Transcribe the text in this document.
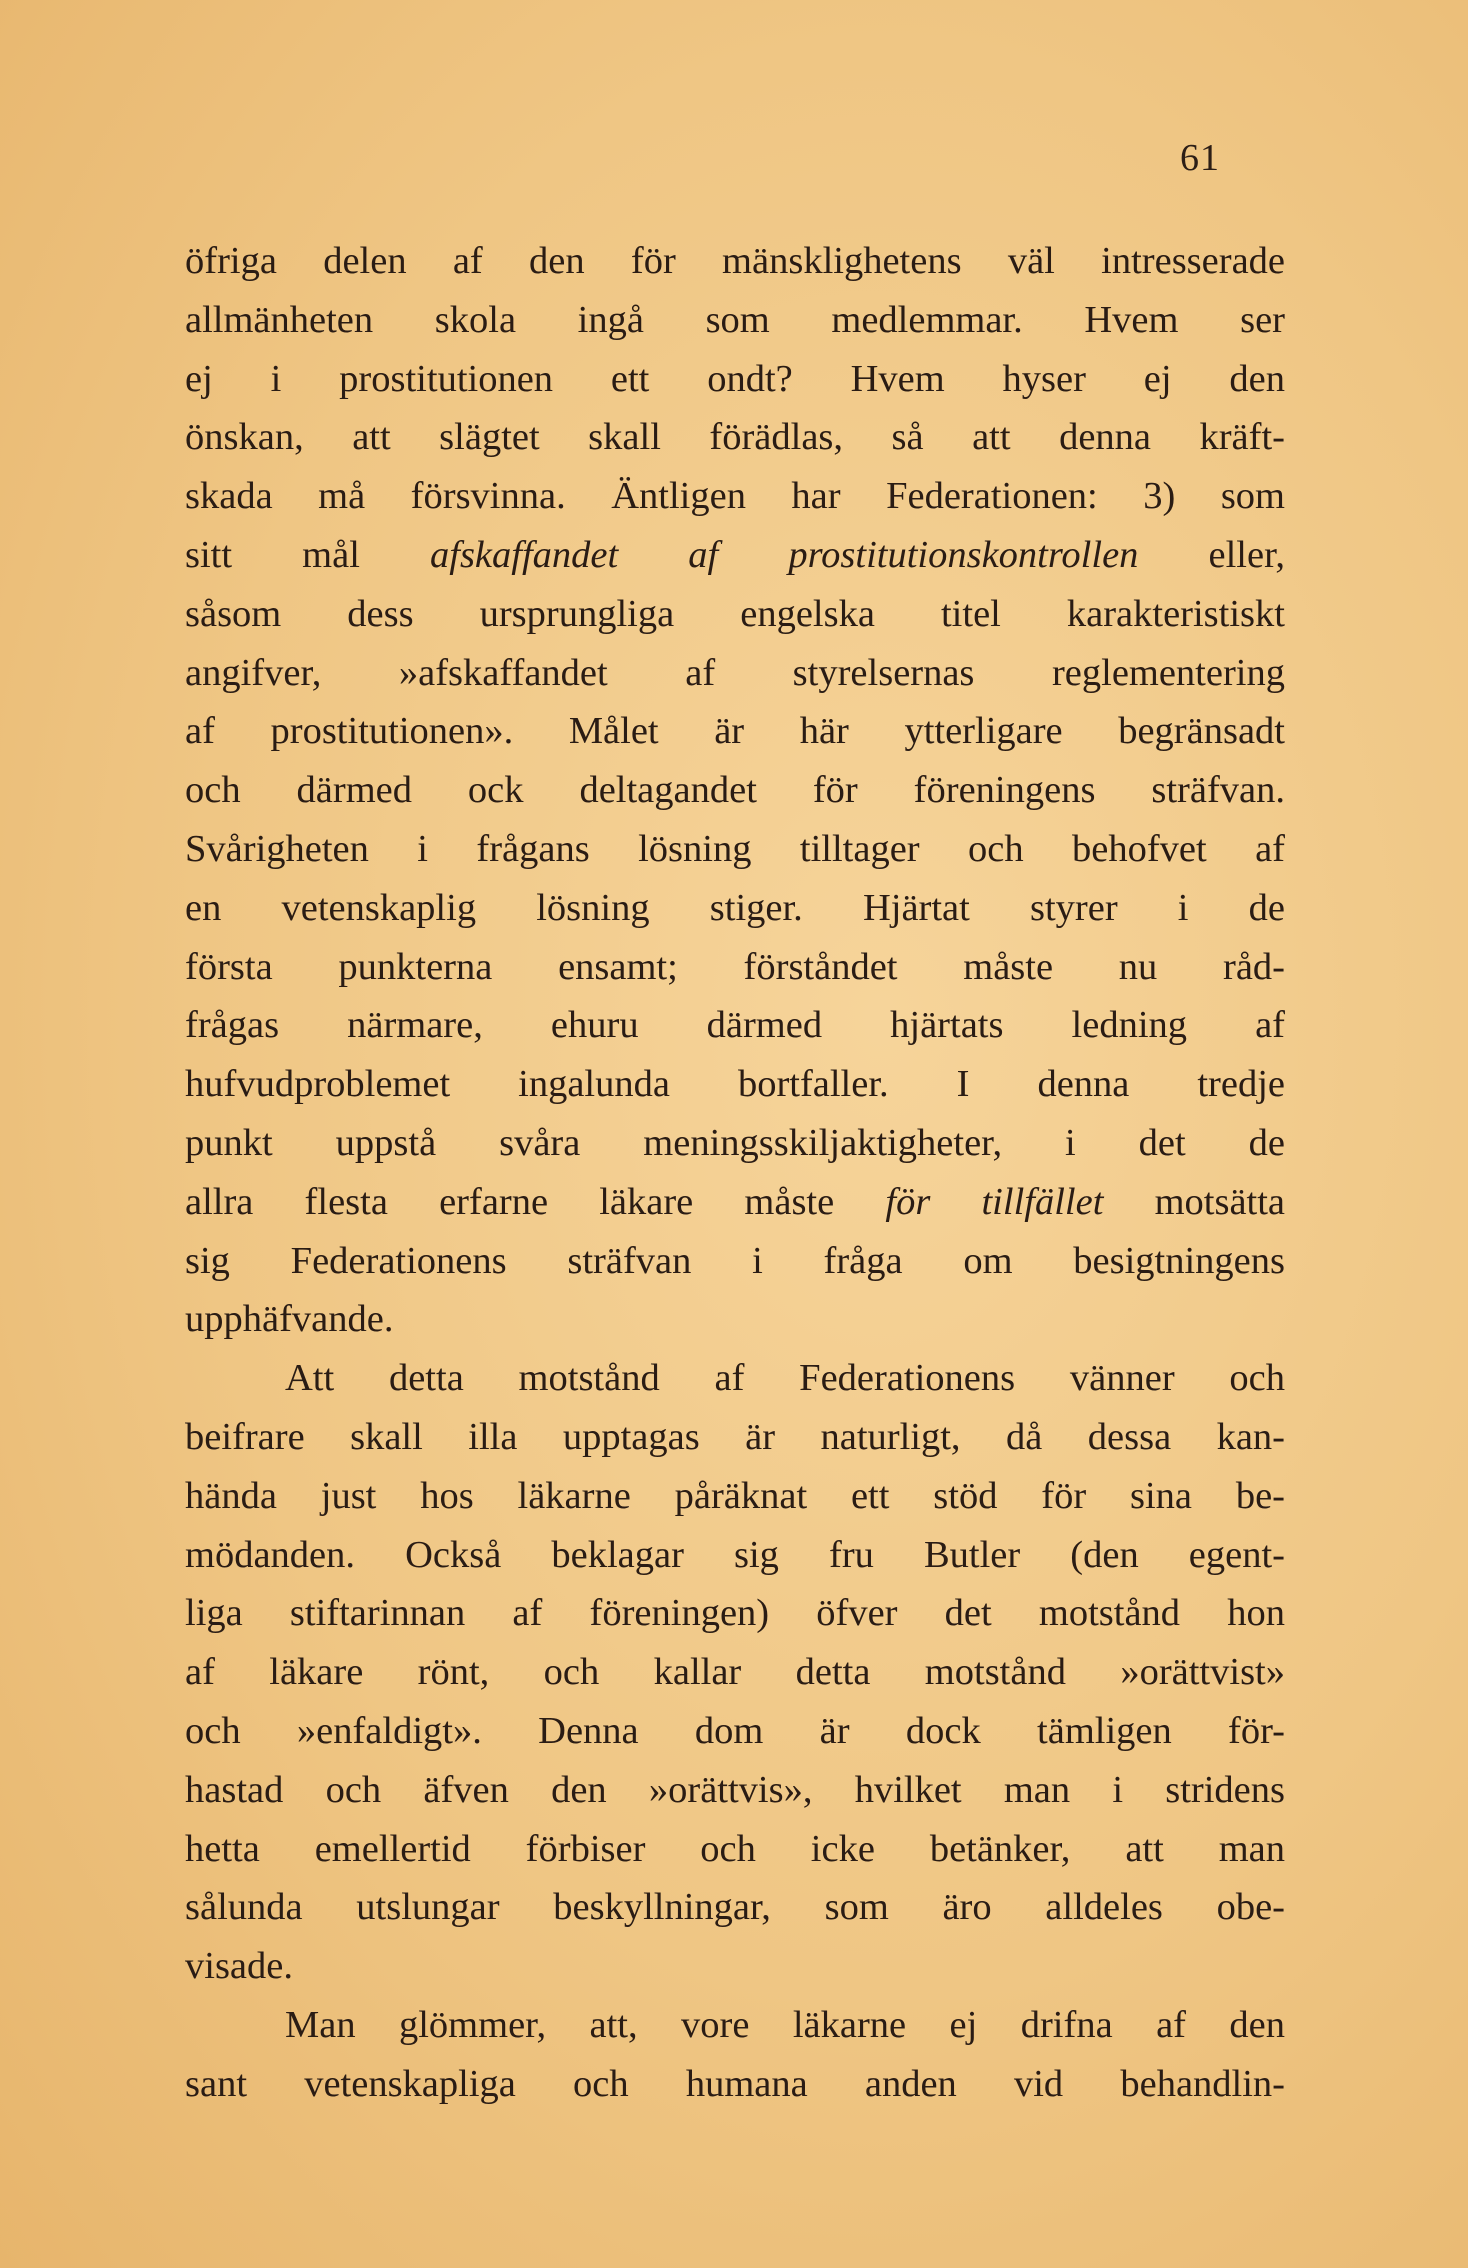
61
öfriga delen af den för mänsklighetens väl intresserade
allmänheten skola ingå som medlemmar. Hvem ser
ej i prostitutionen ett ondt? Hvem hyser ej den
önskan, att slägtet skall förädlas, så att denna kräft-
skada må försvinna. Äntligen har Federationen: 3) som
sitt mål afskaffandet af prostitutionskontrollen eller,
såsom dess ursprungliga engelska titel karakteristiskt
angifver, »afskaffandet af styrelsernas reglementering
af prostitutionen». Målet är här ytterligare begränsadt
och därmed ock deltagandet för föreningens sträfvan.
Svårigheten i frågans lösning tilltager och behofvet af
en vetenskaplig lösning stiger. Hjärtat styrer i de
första punkterna ensamt; förståndet måste nu råd-
frågas närmare, ehuru därmed hjärtats ledning af
hufvudproblemet ingalunda bortfaller. I denna tredje
punkt uppstå svåra meningsskiljaktigheter, i det de
allra flesta erfarne läkare måste för tillfället motsätta
sig Federationens sträfvan i fråga om besigtningens
upphäfvande.
Att detta motstånd af Federationens vänner och
beifrare skall illa upptagas är naturligt, då dessa kan-
hända just hos läkarne påräknat ett stöd för sina be-
mödanden. Också beklagar sig fru Butler (den egent-
liga stiftarinnan af föreningen) öfver det motstånd hon
af läkare rönt, och kallar detta motstånd »orättvist»
och »enfaldigt». Denna dom är dock tämligen för-
hastad och äfven den »orättvis», hvilket man i stridens
hetta emellertid förbiser och icke betänker, att man
sålunda utslungar beskyllningar, som äro alldeles obe-
visade.
Man glömmer, att, vore läkarne ej drifna af den
sant vetenskapliga och humana anden vid behandlin-
